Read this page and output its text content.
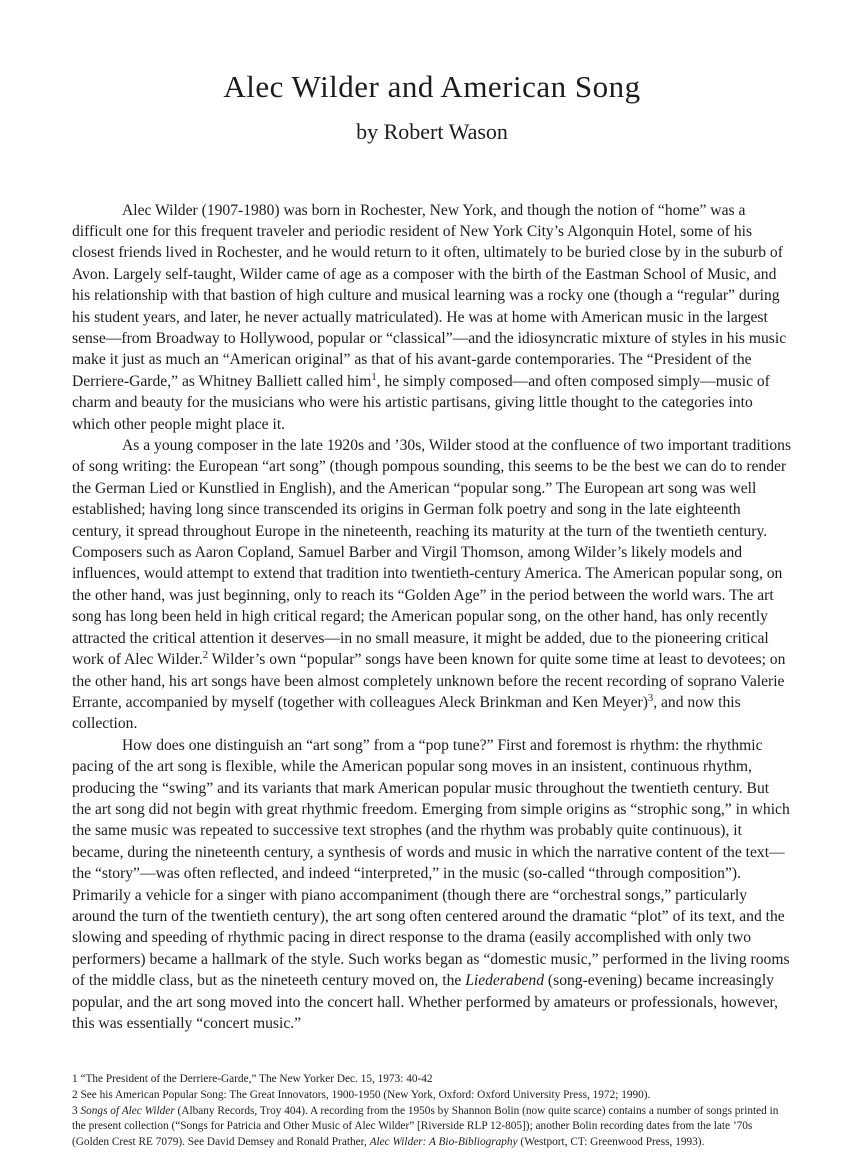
Alec Wilder and American Song
by Robert Wason

Alec Wilder (1907-1980) was born in Rochester, New York, and though the notion of “home” was a difficult one for this frequent traveler and periodic resident of New York City’s Algonquin Hotel, some of his closest friends lived in Rochester, and he would return to it often, ultimately to be buried close by in the suburb of Avon. Largely self-taught, Wilder came of age as a composer with the birth of the Eastman School of Music, and his relationship with that bastion of high culture and musical learning was a rocky one (though a “regular” during his student years, and later, he never actually matriculated). He was at home with American music in the largest sense—from Broadway to Hollywood, popular or “classical”—and the idiosyncratic mixture of styles in his music make it just as much an “American original” as that of his avant-garde contemporaries. The “President of the Derriere-Garde,” as Whitney Balliett called him$^1$, he simply composed—and often composed simply—music of charm and beauty for the musicians who were his artistic partisans, giving little thought to the categories into which other people might place it.

As a young composer in the late 1920s and ’30s, Wilder stood at the confluence of two important traditions of song writing: the European “art song” (though pompous sounding, this seems to be the best we can do to render the German Lied or Kunstlied in English), and the American “popular song.” The European art song was well established; having long since transcended its origins in German folk poetry and song in the late eighteenth century, it spread throughout Europe in the nineteenth, reaching its maturity at the turn of the twentieth century. Composers such as Aaron Copland, Samuel Barber and Virgil Thomson, among Wilder’s likely models and influences, would attempt to extend that tradition into twentieth-century America. The American popular song, on the other hand, was just beginning, only to reach its “Golden Age” in the period between the world wars. The art song has long been held in high critical regard; the American popular song, on the other hand, has only recently attracted the critical attention it deserves—in no small measure, it might be added, due to the pioneering critical work of Alec Wilder.$^2$ Wilder’s own “popular” songs have been known for quite some time at least to devotees; on the other hand, his art songs have been almost completely unknown before the recent recording of soprano Valerie Errante, accompanied by myself (together with colleagues Aleck Brinkman and Ken Meyer)$^3$, and now this collection.

How does one distinguish an “art song” from a “pop tune?” First and foremost is rhythm: the rhythmic pacing of the art song is flexible, while the American popular song moves in an insistent, continuous rhythm, producing the “swing” and its variants that mark American popular music throughout the twentieth century. But the art song did not begin with great rhythmic freedom. Emerging from simple origins as “strophic song,” in which the same music was repeated to successive text strophes (and the rhythm was probably quite continuous), it became, during the nineteenth century, a synthesis of words and music in which the narrative content of the text—the “story”—was often reflected, and indeed “interpreted,” in the music (so-called “through composition”). Primarily a vehicle for a singer with piano accompaniment (though there are “orchestral songs,” particularly around the turn of the twentieth century), the art song often centered around the dramatic “plot” of its text, and the slowing and speeding of rhythmic pacing in direct response to the drama (easily accomplished with only two performers) became a hallmark of the style. Such works began as “domestic music,” performed in the living rooms of the middle class, but as the nineteeth century moved on, the Liederabend (song-evening) became increasingly popular, and the art song moved into the concert hall. Whether performed by amateurs or professionals, however, this was essentially “concert music.”

1 “The President of the Derriere-Garde,” The New Yorker Dec. 15, 1973: 40-42

2 See his American Popular Song: The Great Innovators, 1900-1950 (New York, Oxford: Oxford University Press, 1972; 1990).

3 Songs of Alec Wilder (Albany Records, Troy 404). A recording from the 1950s by Shannon Bolin (now quite scarce) contains a number of songs printed in the present collection (“Songs for Patricia and Other Music of Alec Wilder” [Riverside RLP 12-805]); another Bolin recording dates from the late ’70s (Golden Crest RE 7079). See David Demsey and Ronald Prather, Alec Wilder: A Bio-Bibliography (Westport, CT: Greenwood Press, 1993).
